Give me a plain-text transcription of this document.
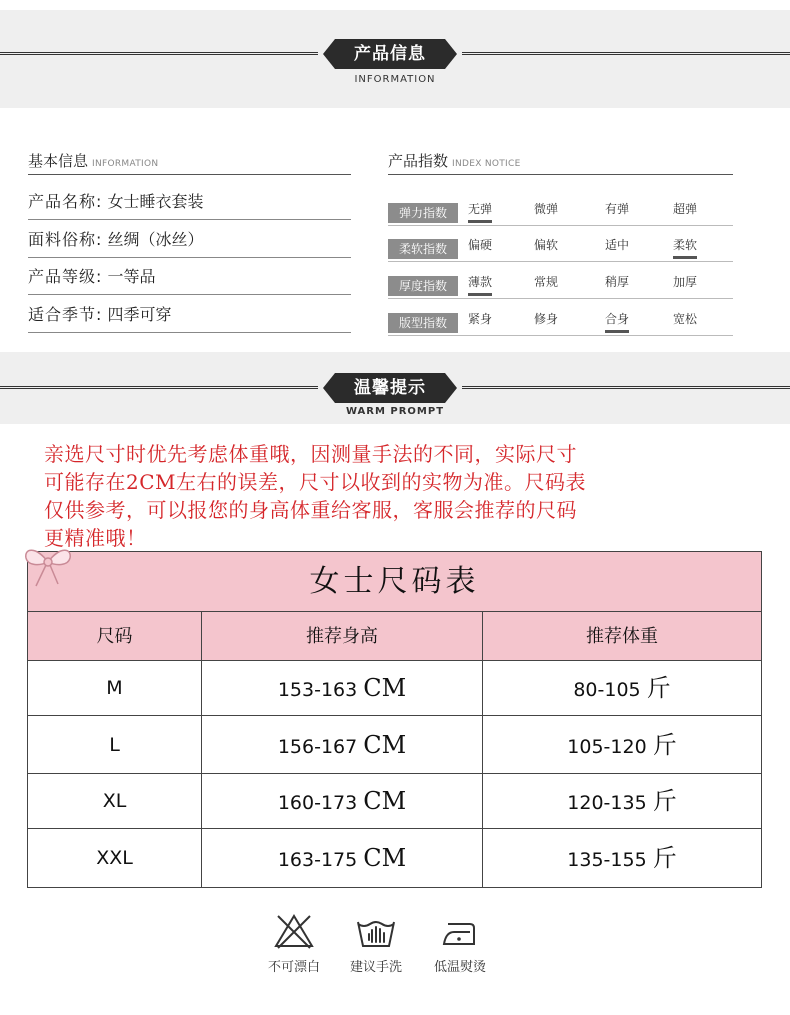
产品信息
INFORMATION
基本信息 INFORMATION
产品名称: 女士睡衣套装
面料俗称: 丝绸（冰丝）
产品等级: 一等品
适合季节: 四季可穿
产品指数 INDEX NOTICE
弹力指数	无弹	微弹	有弹	超弹
柔软指数	偏硬	偏软	适中	柔软
厚度指数	薄款	常规	稍厚	加厚
版型指数	紧身	修身	合身	宽松
温馨提示
WARM PROMPT
亲选尺寸时优先考虑体重哦，因测量手法的不同，实际尺寸
可能存在2CM左右的误差，尺寸以收到的实物为准。尺码表
仅供参考，可以报您的身高体重给客服，客服会推荐的尺码
更精准哦！
女士尺码表
尺码	推荐身高	推荐体重
M	153-163 CM	80-105 斤
L	156-167 CM	105-120 斤
XL	160-173 CM	120-135 斤
XXL	163-175 CM	135-155 斤
不可漂白	建议手洗	低温熨烫
